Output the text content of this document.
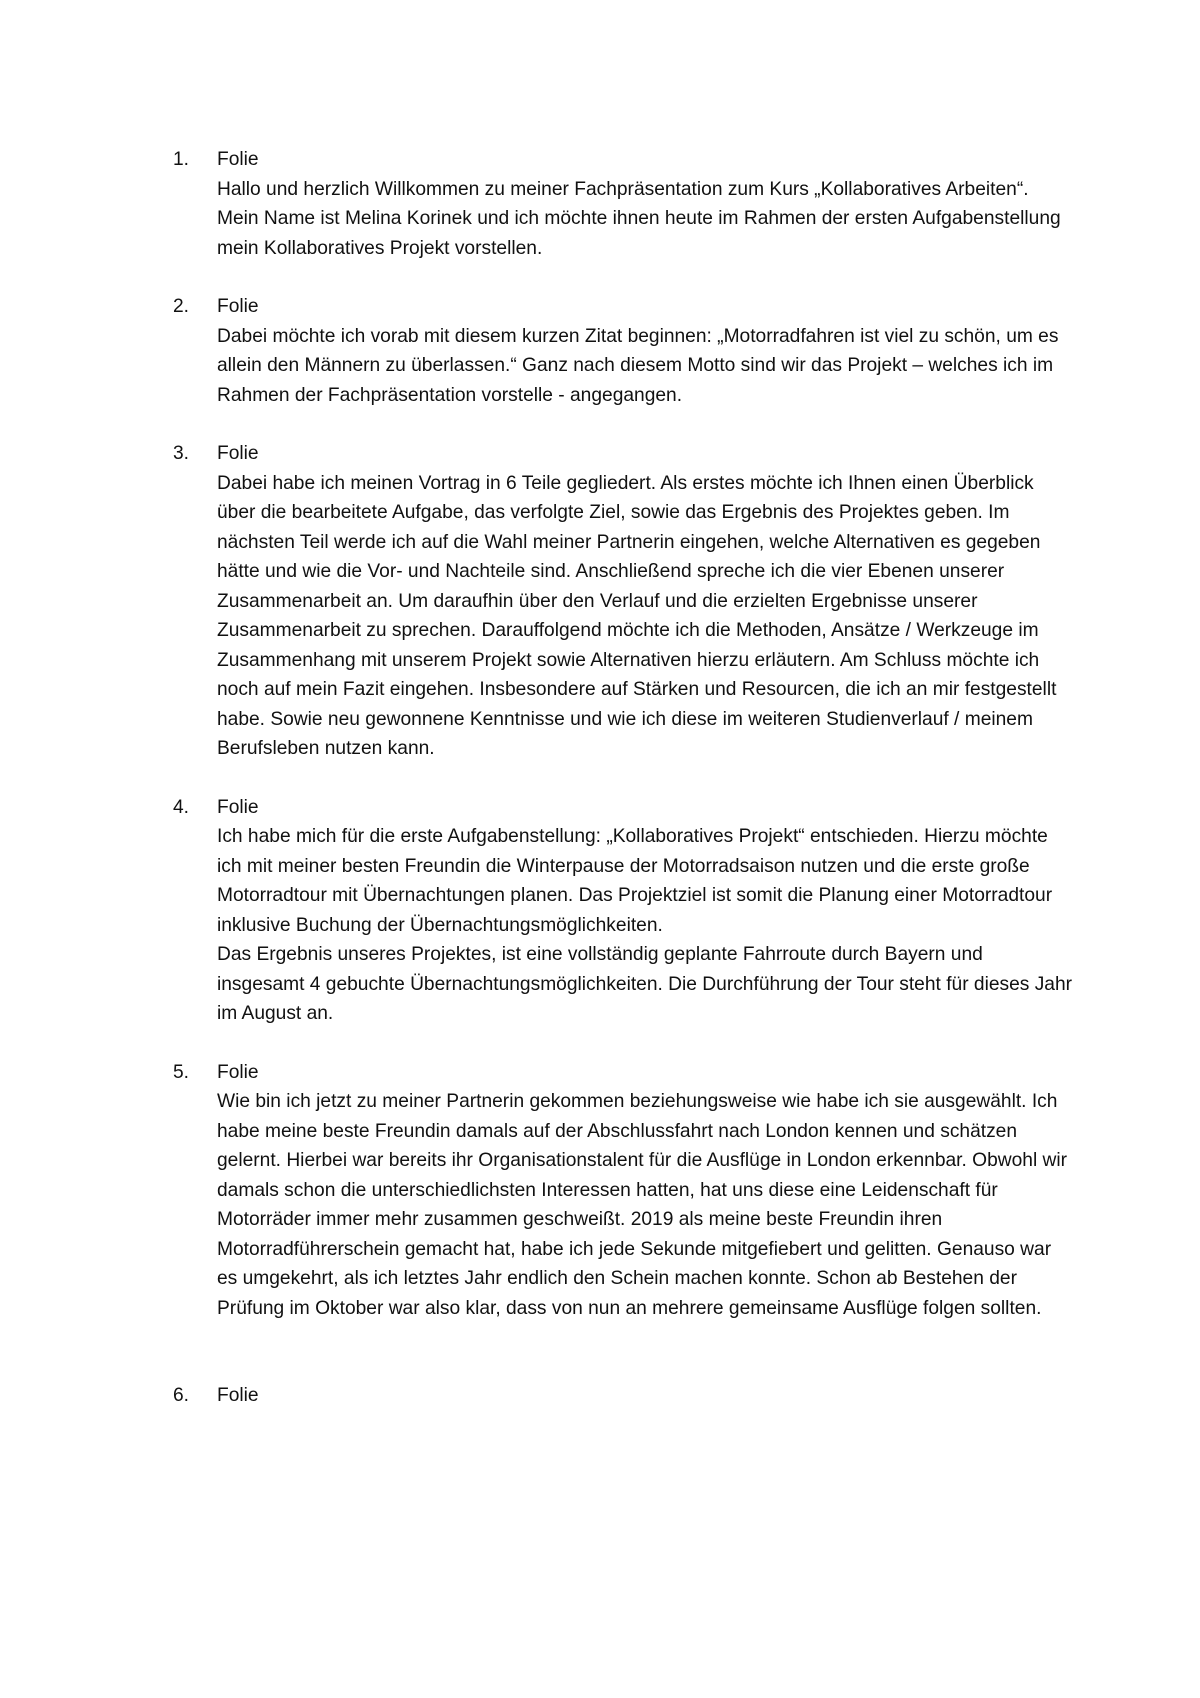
1.	Folie

Hallo und herzlich Willkommen zu meiner Fachpräsentation zum Kurs „Kollaboratives Arbeiten“. Mein Name ist Melina Korinek und ich möchte ihnen heute im Rahmen der ersten Aufgabenstellung mein Kollaboratives Projekt vorstellen.

2.	Folie

Dabei möchte ich vorab mit diesem kurzen Zitat beginnen: „Motorradfahren ist viel zu schön, um es allein den Männern zu überlassen.“ Ganz nach diesem Motto sind wir das Projekt – welches ich im Rahmen der Fachpräsentation vorstelle - angegangen.

3.	Folie

Dabei habe ich meinen Vortrag in 6 Teile gegliedert. Als erstes möchte ich Ihnen einen Überblick über die bearbeitete Aufgabe, das verfolgte Ziel, sowie das Ergebnis des Projektes geben. Im nächsten Teil werde ich auf die Wahl meiner Partnerin eingehen, welche Alternativen es gegeben hätte und wie die Vor- und Nachteile sind. Anschließend spreche ich die vier Ebenen unserer Zusammenarbeit an. Um daraufhin über den Verlauf und die erzielten Ergebnisse unserer Zusammenarbeit zu sprechen. Darauffolgend möchte ich die Methoden, Ansätze / Werkzeuge im Zusammenhang mit unserem Projekt sowie Alternativen hierzu erläutern. Am Schluss möchte ich noch auf mein Fazit eingehen. Insbesondere auf Stärken und Resourcen, die ich an mir festgestellt habe. Sowie neu gewonnene Kenntnisse und wie ich diese im weiteren Studienverlauf / meinem Berufsleben nutzen kann.

4.	Folie

Ich habe mich für die erste Aufgabenstellung: „Kollaboratives Projekt“ entschieden. Hierzu möchte ich mit meiner besten Freundin die Winterpause der Motorradsaison nutzen und die erste große Motorradtour mit Übernachtungen planen. Das Projektziel ist somit die Planung einer Motorradtour inklusive Buchung der Übernachtungsmöglichkeiten.

Das Ergebnis unseres Projektes, ist eine vollständig geplante Fahrroute durch Bayern und insgesamt 4 gebuchte Übernachtungsmöglichkeiten. Die Durchführung der Tour steht für dieses Jahr im August an.

5.	Folie

Wie bin ich jetzt zu meiner Partnerin gekommen beziehungsweise wie habe ich sie ausgewählt. Ich habe meine beste Freundin damals auf der Abschlussfahrt nach London kennen und schätzen gelernt. Hierbei war bereits ihr Organisationstalent für die Ausflüge in London erkennbar. Obwohl wir damals schon die unterschiedlichsten Interessen hatten, hat uns diese eine Leidenschaft für Motorräder immer mehr zusammen geschweißt. 2019 als meine beste Freundin ihren Motorradführerschein gemacht hat, habe ich jede Sekunde mitgefiebert und gelitten. Genauso war es umgekehrt, als ich letztes Jahr endlich den Schein machen konnte. Schon ab Bestehen der Prüfung im Oktober war also klar, dass von nun an mehrere gemeinsame Ausflüge folgen sollten.

6.	Folie
